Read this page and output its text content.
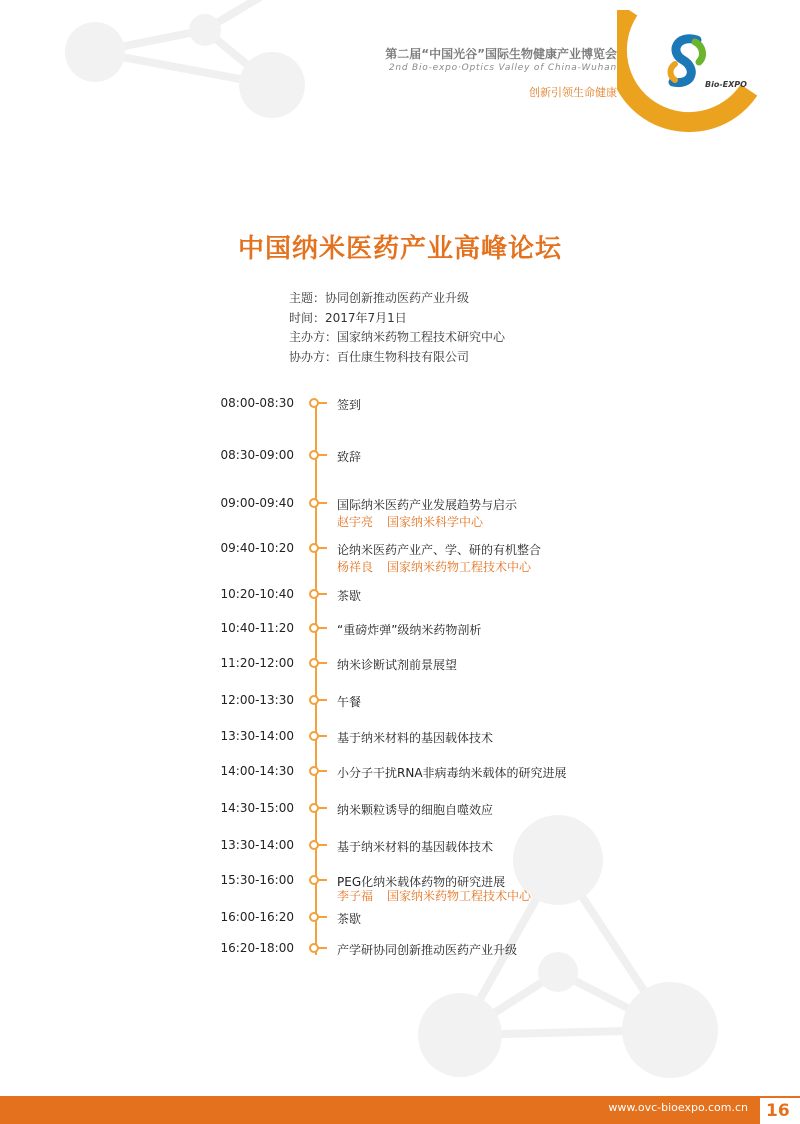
第二届“中国光谷”国际生物健康产业博览会
2nd Bio-expo·Optics Valley of China-Wuhan
创新引领生命健康
Bio-EXPO
中国纳米医药产业高峰论坛
主题：协同创新推动医药产业升级
时间：2017年7月1日
主办方：国家纳米药物工程技术研究中心
协办方：百仕康生物科技有限公司
08:00-08:30	签到
08:30-09:00	致辞
09:00-09:40	国际纳米医药产业发展趋势与启示
赵宇亮 国家纳米科学中心
09:40-10:20	论纳米医药产业产、学、研的有机整合
杨祥良 国家纳米药物工程技术中心
10:20-10:40	茶歇
10:40-11:20	“重磅炸弹”级纳米药物剖析
11:20-12:00	纳米诊断试剂前景展望
12:00-13:30	午餐
13:30-14:00	基于纳米材料的基因载体技术
14:00-14:30	小分子干扰RNA非病毒纳米载体的研究进展
14:30-15:00	纳米颗粒诱导的细胞自噬效应
13:30-14:00	基于纳米材料的基因载体技术
15:30-16:00	PEG化纳米载体药物的研究进展
李子福 国家纳米药物工程技术中心
16:00-16:20	茶歇
16:20-18:00	产学研协同创新推动医药产业升级
www.ovc-bioexpo.com.cn 16
